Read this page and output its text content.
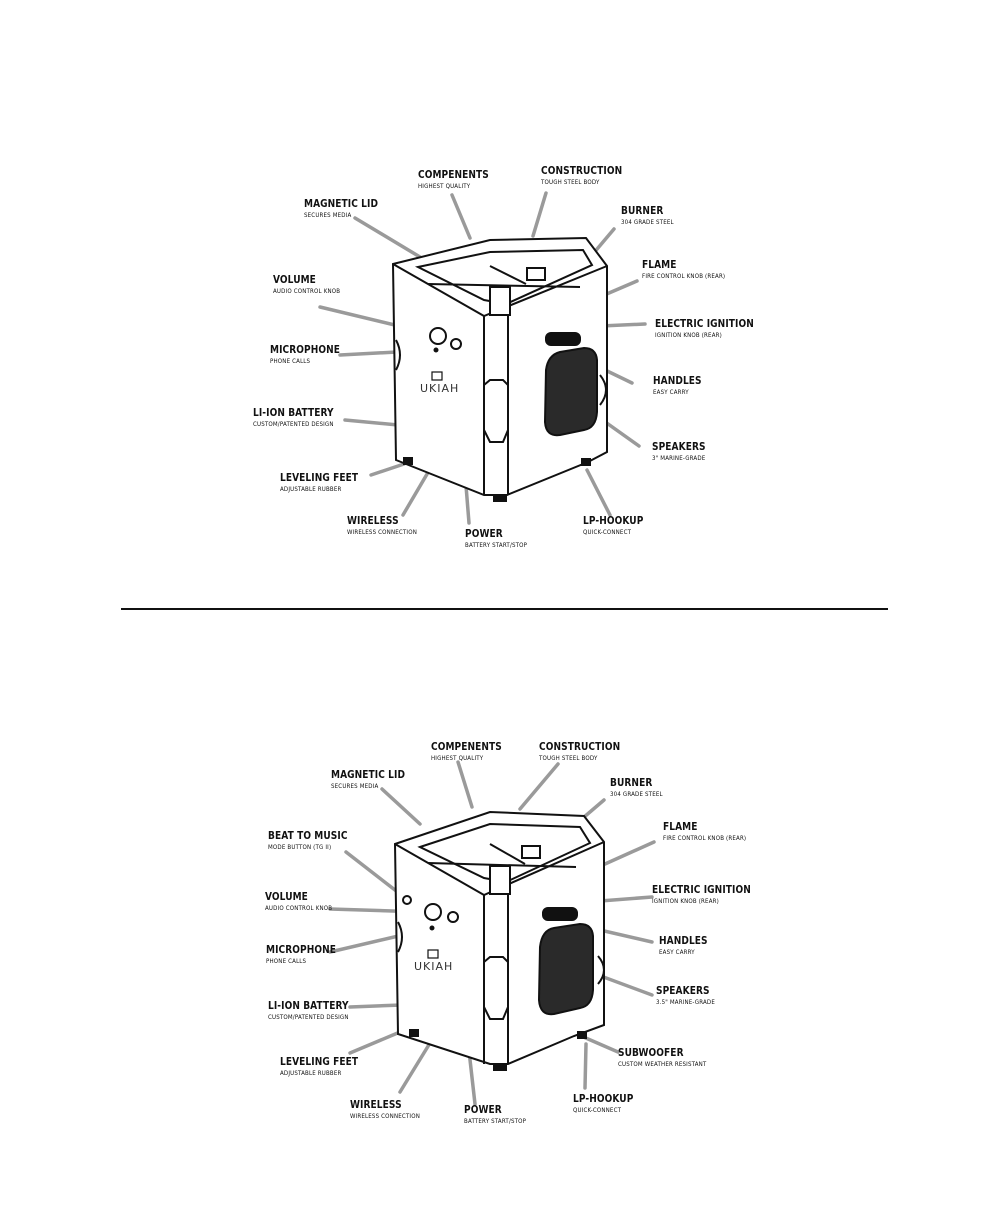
UKIAH
COMPENENTS
HIGHEST QUALITY
CONSTRUCTION
TOUGH STEEL BODY
MAGNETIC LID
SECURES MEDIA	BURNER
304 GRADE STEEL
FLAME
FIRE CONTROL KNOB (REAR)
VOLUME
AUDIO CONTROL KNOB
ELECTRIC IGNITION
IGNITION KNOB (REAR)
MICROPHONE
PHONE CALLS
HANDLES
EASY CARRY
LI-ION BATTERY
CUSTOM/PATENTED DESIGN
SPEAKERS
3" MARINE-GRADE
LEVELING FEET
ADJUSTABLE RUBBER
WIRELESS
WIRELESS CONNECTION
LP-HOOKUP
QUICK-CONNECT
POWER
BATTERY START/STOP
UKIAH
COMPENENTS
HIGHEST QUALITY
CONSTRUCTION
TOUGH STEEL BODY
MAGNETIC LID
SECURES MEDIA	BURNER
304 GRADE STEEL
BEAT TO MUSIC
MODE BUTTON (TG II)
FLAME
FIRE CONTROL KNOB (REAR)
VOLUME
AUDIO CONTROL KNOB
ELECTRIC IGNITION
IGNITION KNOB (REAR)
MICROPHONE
PHONE CALLS
HANDLES
EASY CARRY
SPEAKERS
3.5" MARINE-GRADE
LI-ION BATTERY
CUSTOM/PATENTED DESIGN
SUBWOOFER
CUSTOM WEATHER RESISTANT
LEVELING FEET
ADJUSTABLE RUBBER
WIRELESS
WIRELESS CONNECTION
LP-HOOKUP
QUICK-CONNECT
POWER
BATTERY START/STOP
